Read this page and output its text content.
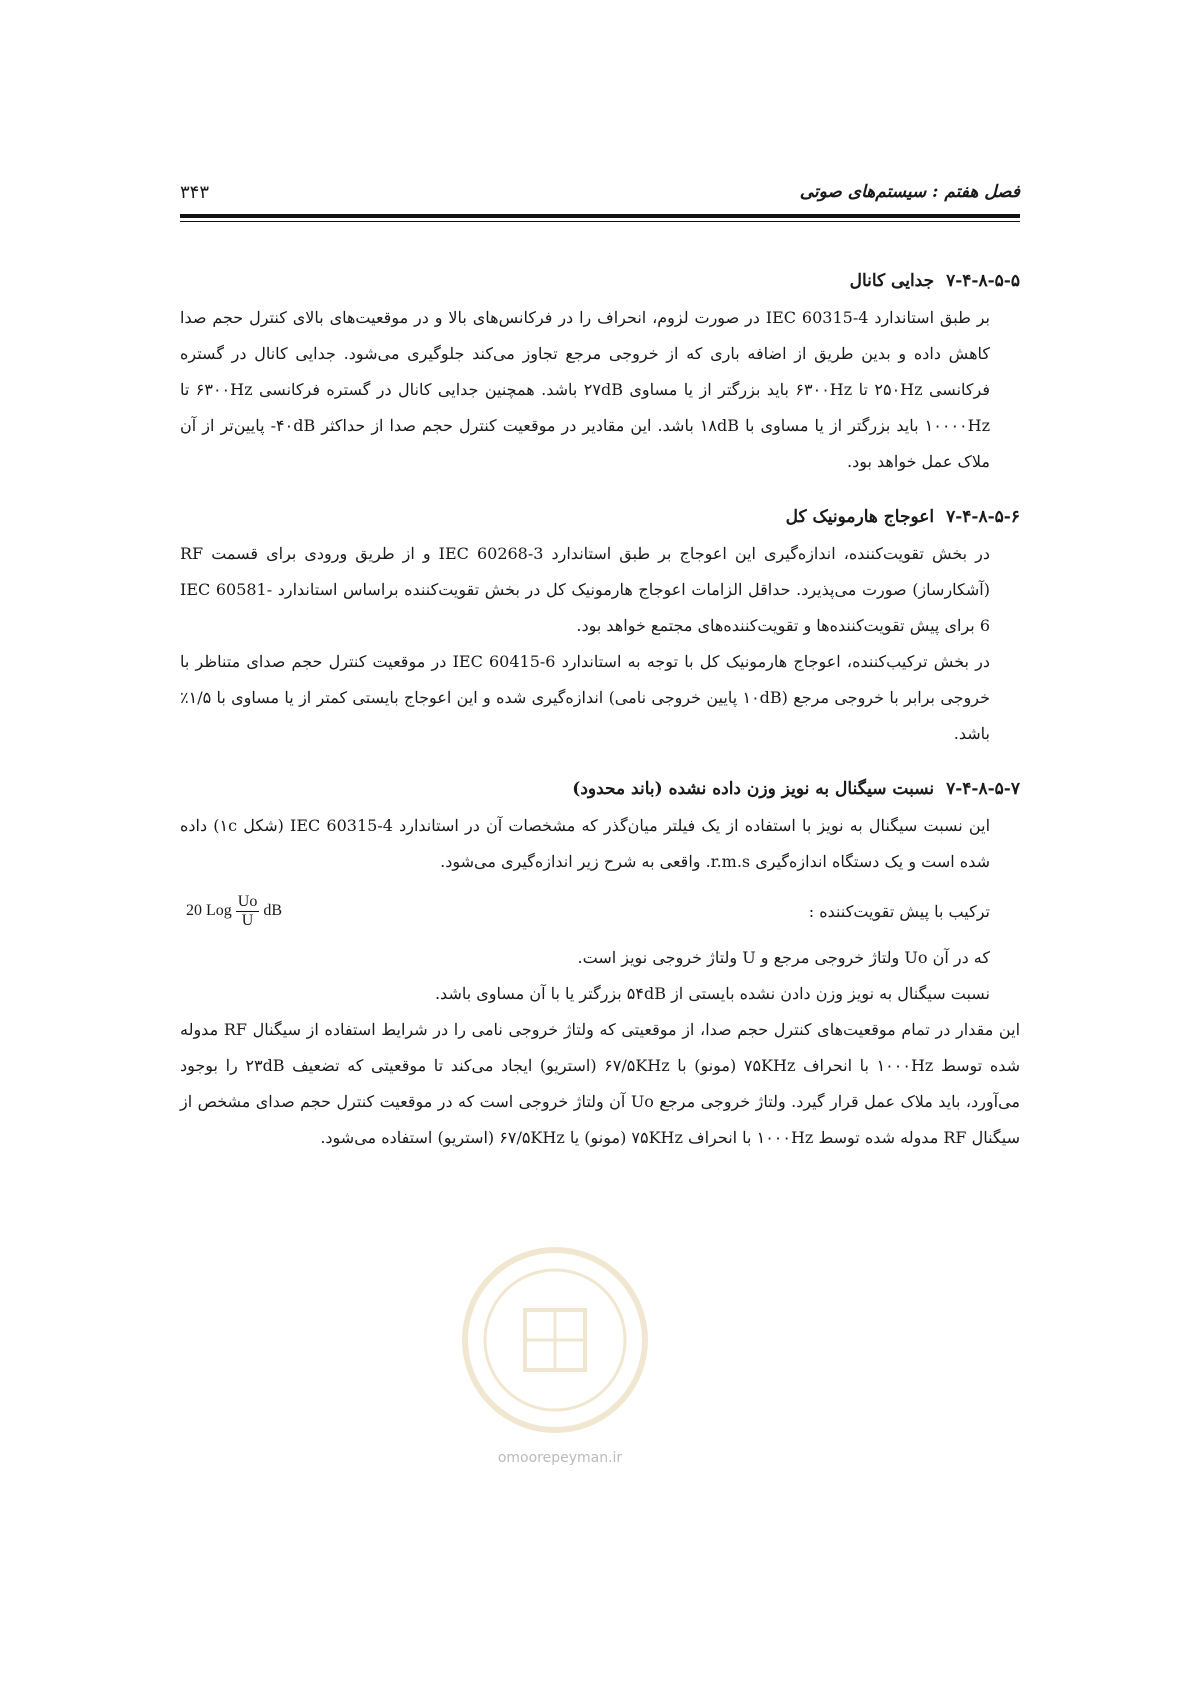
فصل هفتم : سیستم‌های صوتی
۳۴۳

۷-۴-۸-۵-۵جدایی کانال

بر طبق استاندارد IEC 60315-4 در صورت لزوم، انحراف را در فرکانس‌های بالا و در موقعیت‌های بالای کنترل حجم صدا کاهش داده و بدین طریق از اضافه باری که از خروجی مرجع تجاوز می‌کند جلوگیری می‌شود. جدایی کانال در گستره فرکانسی ۲۵۰Hz تا ۶۳۰۰Hz باید بزرگتر از یا مساوی ۲۷dB باشد. همچنین جدایی کانال در گستره فرکانسی ۶۳۰۰Hz تا ۱۰۰۰۰Hz باید بزرگتر از یا مساوی با ۱۸dB باشد. این مقادیر در موقعیت کنترل حجم صدا از حداکثر ۴۰dB- پایین‌تر از آن ملاک عمل خواهد بود.

۷-۴-۸-۵-۶اعوجاج هارمونیک کل

در بخش تقویت‌کننده، اندازه‌گیری این اعوجاج بر طبق استاندارد IEC 60268-3 و از طریق ورودی برای قسمت RF (آشکارساز) صورت می‌پذیرد. حداقل الزامات اعوجاج هارمونیک کل در بخش تقویت‌کننده براساس استاندارد IEC 60581-6 برای پیش تقویت‌کننده‌ها و تقویت‌کننده‌های مجتمع خواهد بود.

در بخش ترکیب‌کننده، اعوجاج هارمونیک کل با توجه به استاندارد IEC 60415-6 در موقعیت کنترل حجم صدای متناظر با خروجی برابر با خروجی مرجع (۱۰dB پایین خروجی نامی) اندازه‌گیری شده و این اعوجاج بایستی کمتر از یا مساوی با ۱/۵٪ باشد.

۷-۴-۸-۵-۷نسبت سیگنال به نویز وزن داده نشده (باند محدود)

این نسبت سیگنال به نویز با استفاده از یک فیلتر میان‌گذر که مشخصات آن در استاندارد IEC 60315-4 (شکل ۱c) داده شده است و یک دستگاه اندازه‌گیری r.m.s. واقعی به شرح زیر اندازه‌گیری می‌شود.

ترکیب با پیش تقویت‌کننده :
20 Log $\frac{Uo}{U}$ dB

که در آن Uo ولتاژ خروجی مرجع و U ولتاژ خروجی نویز است.

نسبت سیگنال به نویز وزن دادن نشده بایستی از ۵۴dB بزرگتر یا با آن مساوی باشد.

این مقدار در تمام موقعیت‌های کنترل حجم صدا، از موقعیتی که ولتاژ خروجی نامی را در شرایط استفاده از سیگنال RF مدوله شده توسط ۱۰۰۰Hz با انحراف ۷۵KHz (مونو) با ۶۷/۵KHz (استریو) ایجاد می‌کند تا موقعیتی که تضعیف ۲۳dB را بوجود می‌آورد، باید ملاک عمل قرار گیرد. ولتاژ خروجی مرجع Uo آن ولتاژ خروجی است که در موقعیت کنترل حجم صدای مشخص از سیگنال RF مدوله شده توسط ۱۰۰۰Hz با انحراف ۷۵KHz (مونو) یا ۶۷/۵KHz (استریو) استفاده می‌شود.

omoorepeyman.ir
